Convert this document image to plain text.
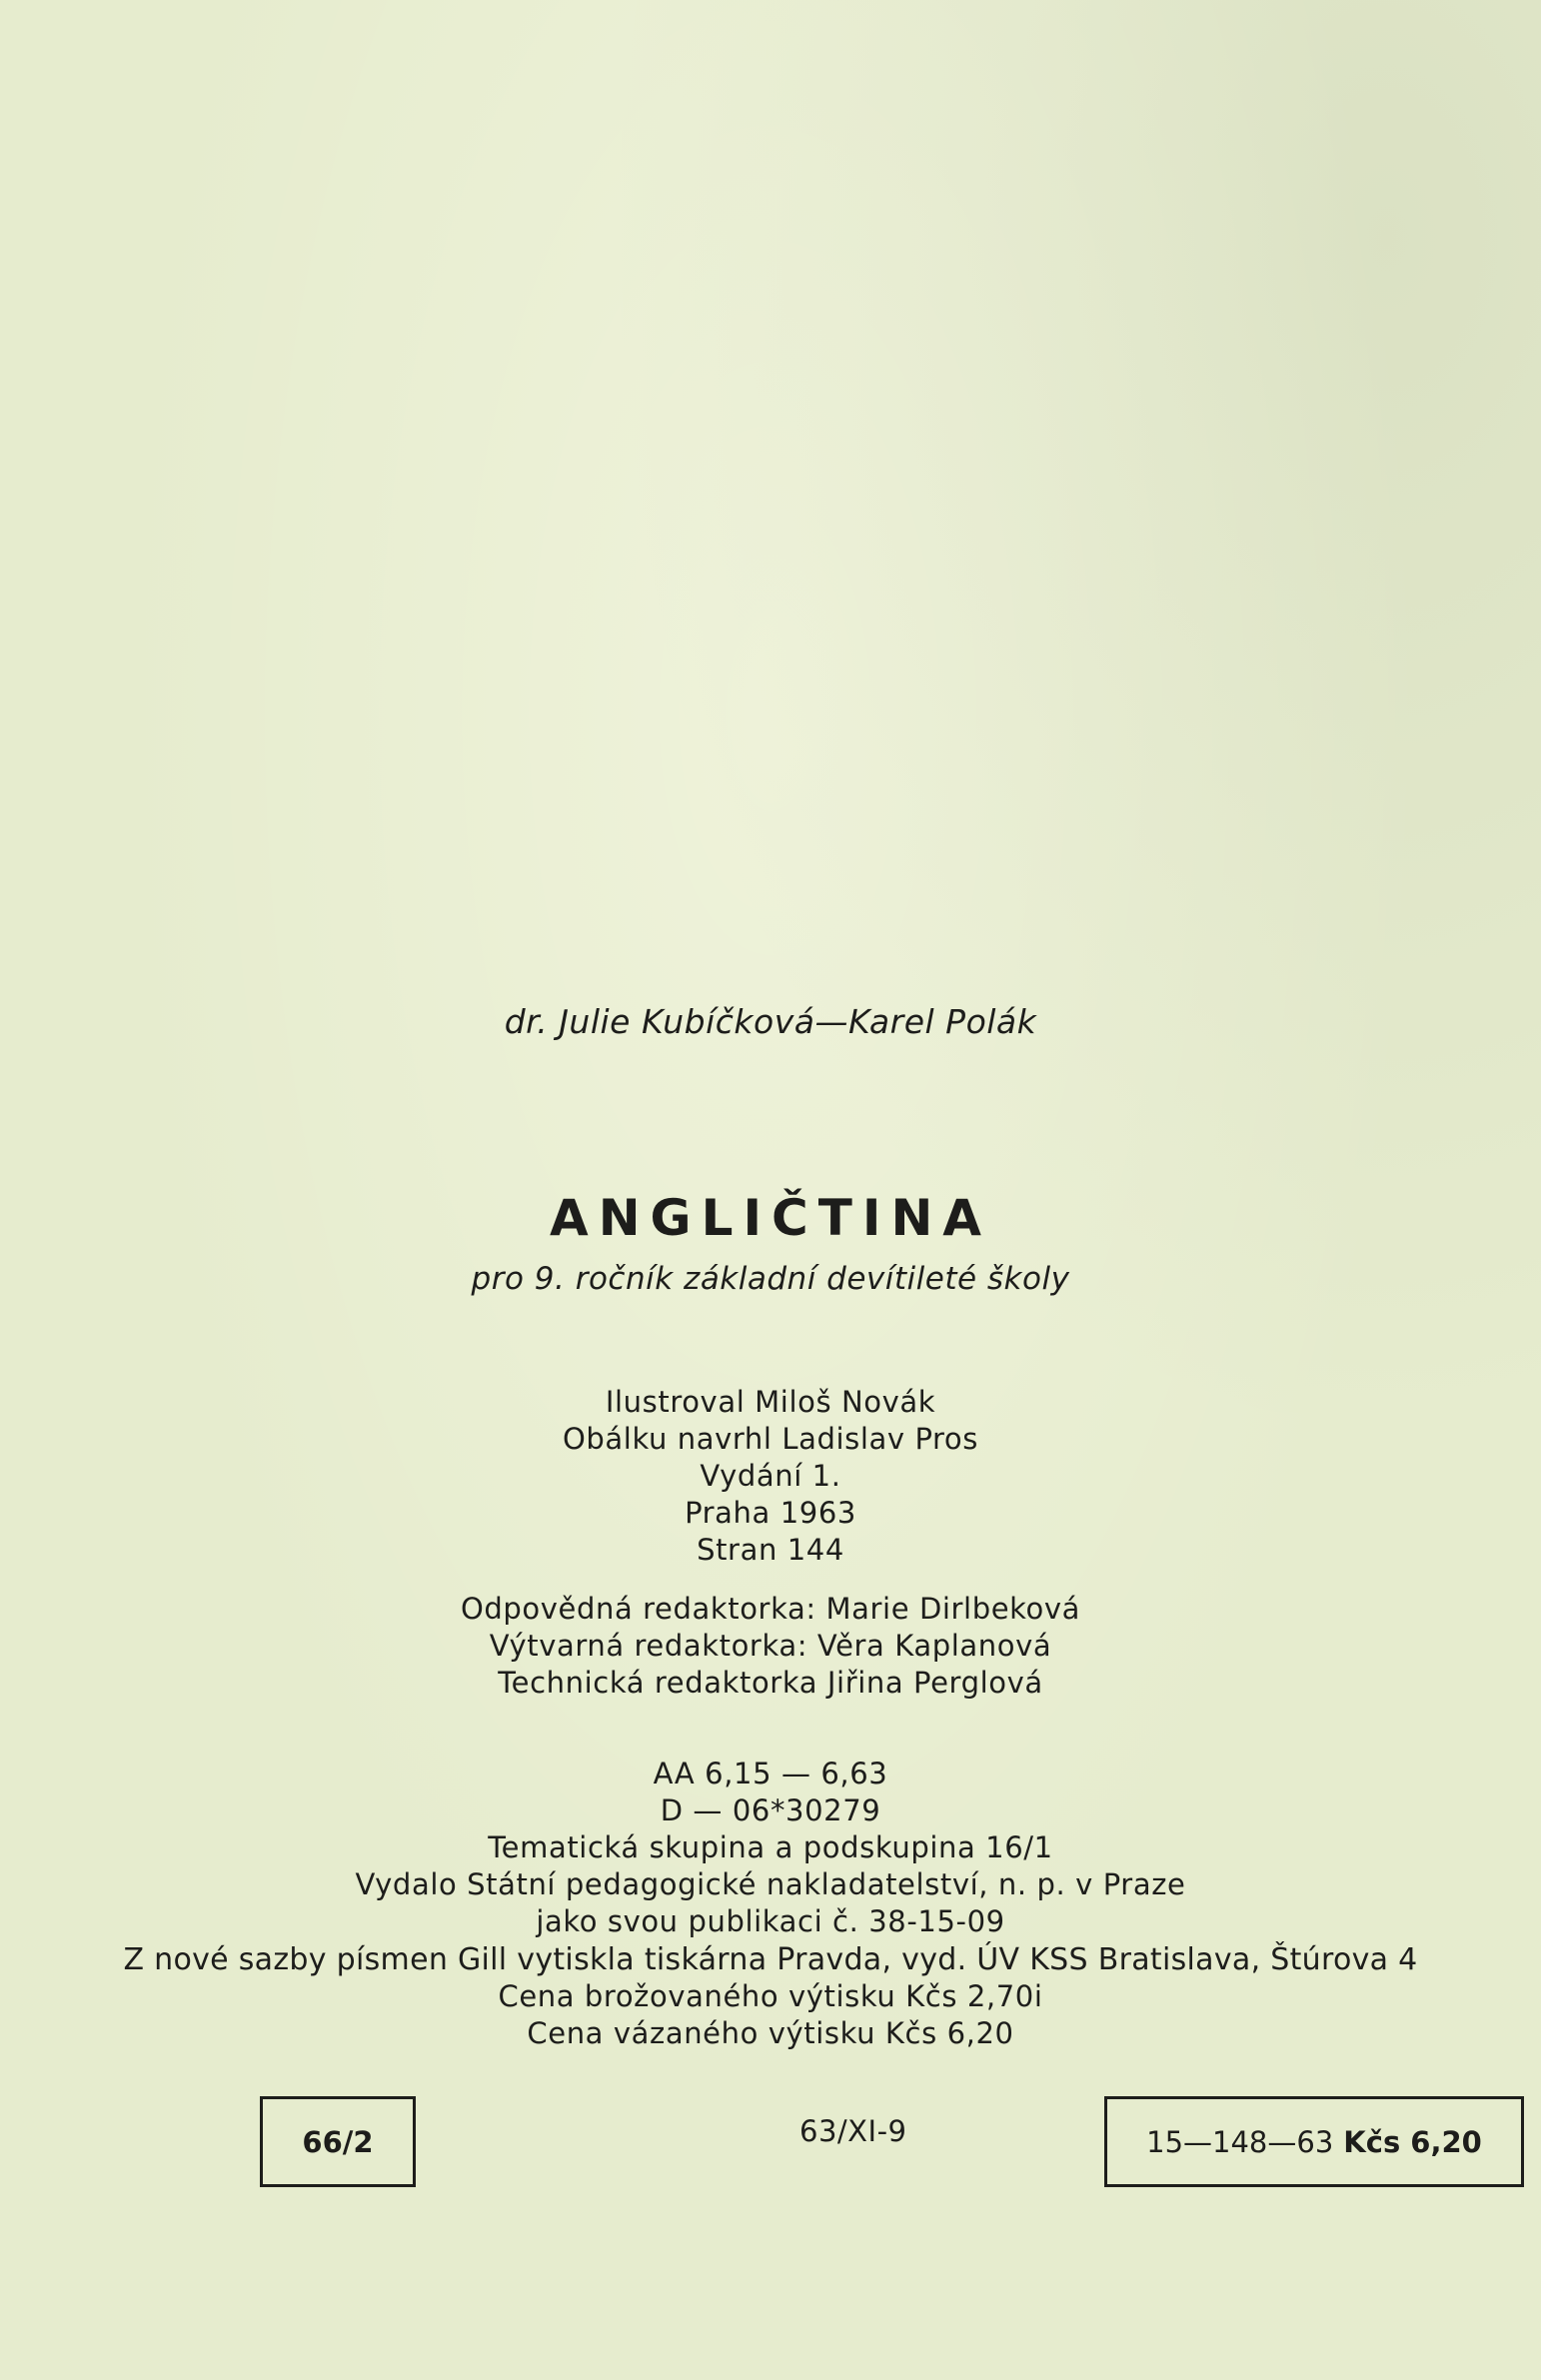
dr. Julie Kubíčková—Karel Polák
ANGLIČTINA
pro 9. ročník základní devítileté školy
Ilustroval Miloš Novák
Obálku navrhl Ladislav Pros
Vydání 1.
Praha 1963
Stran 144
Odpovědná redaktorka: Marie Dirlbeková
Výtvarná redaktorka: Věra Kaplanová
Technická redaktorka Jiřina Perglová
AA 6,15 — 6,63
D — 06*30279
Tematická skupina a podskupina 16/1
Vydalo Státní pedagogické nakladatelství, n. p. v Praze
jako svou publikaci č. 38-15-09
Z nové sazby písmen Gill vytiskla tiskárna Pravda, vyd. ÚV KSS Bratislava, Štúrova 4
Cena brožovaného výtisku Kčs 2,70i
Cena vázaného výtisku Kčs 6,20
66/2	63/XI-9	15—148—63 Kčs 6,20
